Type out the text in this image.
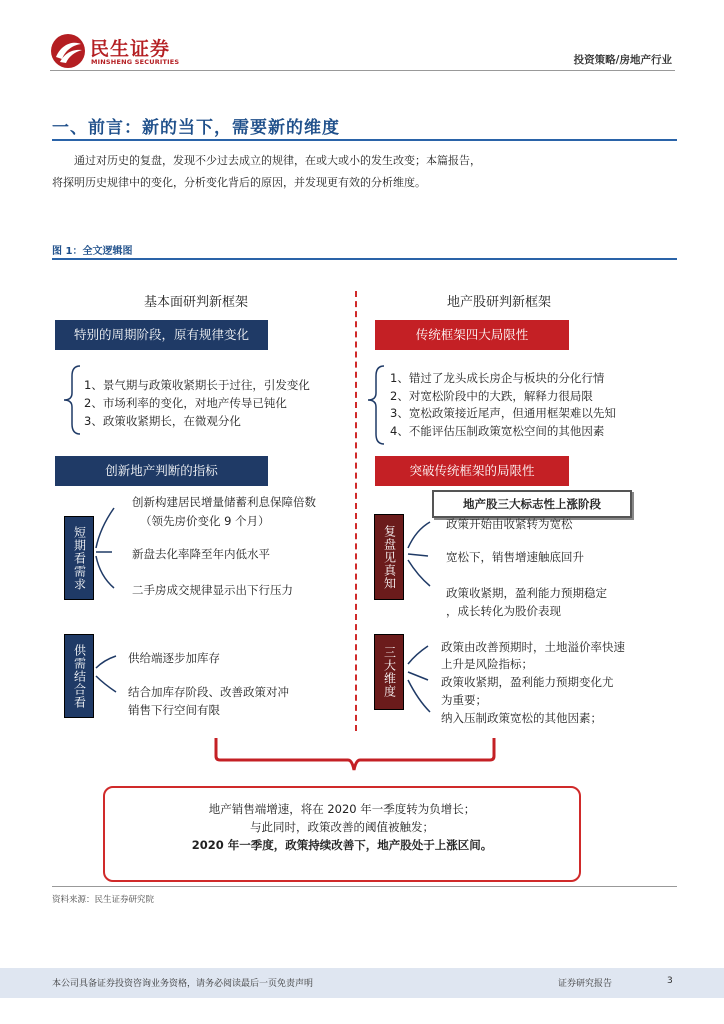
民生证券
MINSHENG SECURITIES	投资策略/房地产行业
一、前言：新的当下，需要新的维度
通过对历史的复盘，发现不少过去成立的规律，在或大或小的发生改变；本篇报告，
将探明历史规律中的变化，分析变化背后的原因，并发现更有效的分析维度。
图 1：全文逻辑图
基本面研判新框架
特别的周期阶段，原有规律变化
1、景气期与政策收紧期长于过往，引发变化
2、市场利率的变化，对地产传导已钝化
3、政策收紧期长，在微观分化
创新地产判断的指标
短期看需求
创新构建居民增量储蓄利息保障倍数
（领先房价变化 9 个月）
新盘去化率降至年内低水平
二手房成交规律显示出下行压力
供需结合看	供给端逐步加库存
结合加库存阶段、改善政策对冲
销售下行空间有限
地产股研判新框架
传统框架四大局限性
1、错过了龙头成长房企与板块的分化行情
2、对宽松阶段中的大跌，解释力很局限
3、宽松政策接近尾声，但通用框架难以先知
4、不能评估压制政策宽松空间的其他因素
突破传统框架的局限性
地产股三大标志性上涨阶段
复盘见真知
政策开始由收紧转为宽松
宽松下，销售增速触底回升
政策收紧期，盈利能力预期稳定
，成长转化为股价表现
三大维度	政策由改善预期时，土地溢价率快速
上升是风险指标；
政策收紧期，盈利能力预期变化尤
为重要；
纳入压制政策宽松的其他因素；
地产销售端增速，将在 2020 年一季度转为负增长；
与此同时，政策改善的阈值被触发；
2020 年一季度，政策持续改善下，地产股处于上涨区间。
资料来源：民生证券研究院
本公司具备证券投资咨询业务资格，请务必阅读最后一页免责声明	证券研究报告	3
